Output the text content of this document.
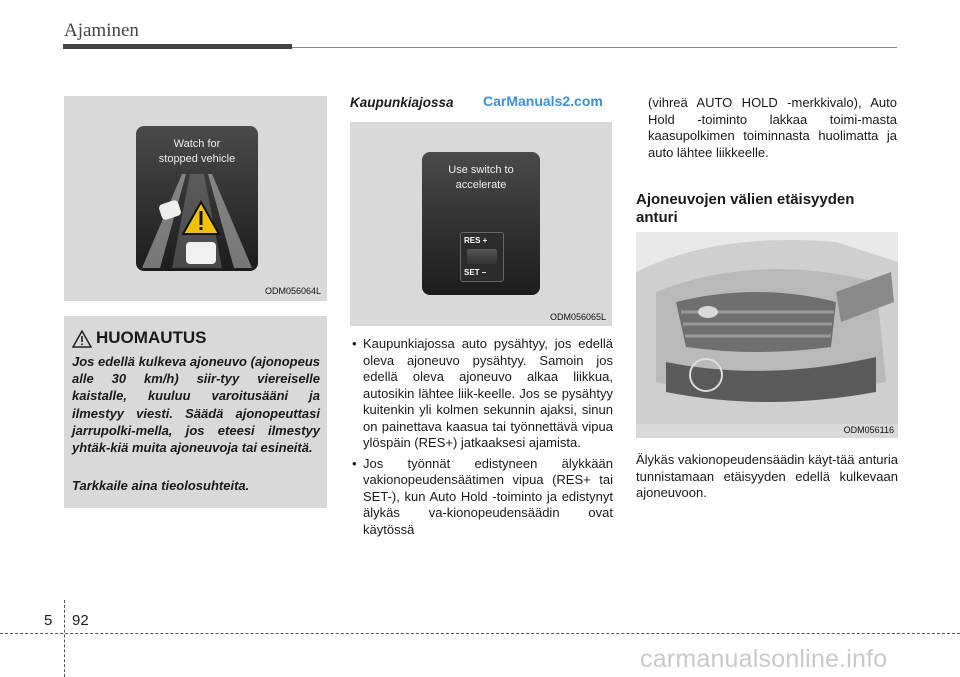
Ajaminen
Watch for
stopped vehicle
ODM056064L
HUOMAUTUS
Jos edellä kulkeva ajoneuvo (ajonopeus alle 30 km/h) siir-tyy viereiselle kaistalle, kuuluu varoitusääni ja ilmestyy viesti. Säädä ajonopeuttasi jarrupolki-mella, jos eteesi ilmestyy yhtäk-kiä muita ajoneuvoja tai esineitä.
Tarkkaile aina tieolosuhteita.
Kaupunkiajossa CarManuals2.com
Use switch to
accelerate
RES +
SET –
ODM056065L
• Kaupunkiajossa auto pysähtyy, jos edellä oleva ajoneuvo pysähtyy. Samoin jos edellä oleva ajoneuvo alkaa liikkua, autosikin lähtee liik-keelle. Jos se pysähtyy kuitenkin yli kolmen sekunnin ajaksi, sinun on painettava kaasua tai työnnettävä vipua ylöspäin (RES+) jatkaaksesi ajamista.
• Jos työnnät edistyneen älykkään vakionopeudensäätimen vipua (RES+ tai SET-), kun Auto Hold -toiminto ja edistynyt älykäs va-kionopeudensäädin ovat käytössä
(vihreä AUTO HOLD -merkkivalo), Auto Hold -toiminto lakkaa toimi-masta kaasupolkimen toiminnasta huolimatta ja auto lähtee liikkeelle.
Ajoneuvojen välien etäisyyden anturi
ODM056116
Älykäs vakionopeudensäädin käyt-tää anturia tunnistamaan etäisyyden edellä kulkevaan ajoneuvoon.
5 92
carmanualsonline.info
